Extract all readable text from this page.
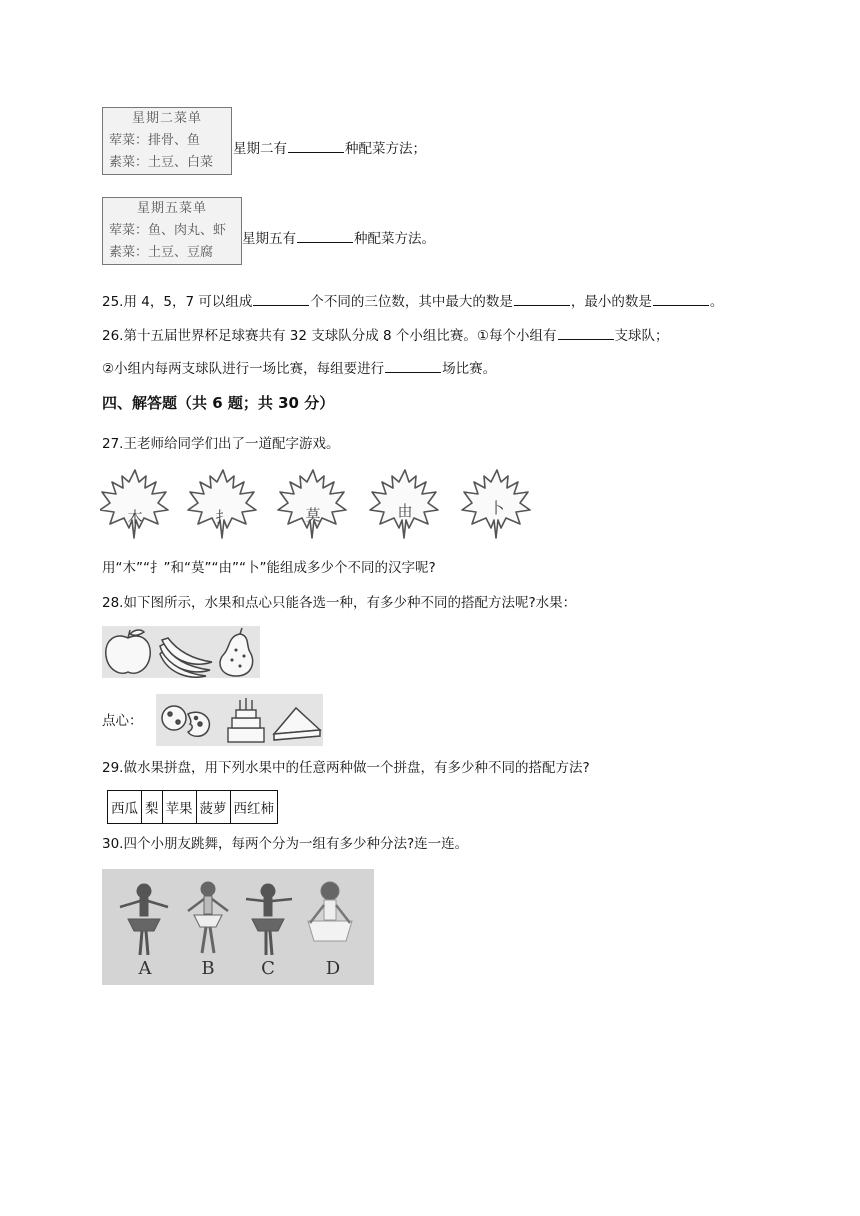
星期二菜单
荤菜：排骨、鱼
素菜：土豆、白菜
星期二有	种配菜方法；
星期五菜单
荤菜：鱼、肉丸、虾
素菜：土豆、豆腐
星期五有	种配菜方法。
25.用 4，5，7 可以组成	个不同的三位数，其中最大的数是	，最小的数是	。
26.第十五届世界杯足球赛共有 32 支球队分成 8 个小组比赛。①每个小组有	支球队；
②小组内每两支球队进行一场比赛，每组要进行	场比赛。
四、解答题（共 6 题；共 30 分）
27.王老师给同学们出了一道配字游戏。
木	扌	莫	由	卜
用“木”“扌”和“莫”“由”“卜”能组成多少个不同的汉字呢?
28.如下图所示，水果和点心只能各选一种，有多少种不同的搭配方法呢?水果：
点心：
29.做水果拼盘，用下列水果中的任意两种做一个拼盘，有多少种不同的搭配方法?
西瓜	梨	苹果	菠萝	西红柿
30.四个小朋友跳舞，每两个分为一组有多少种分法?连一连。
A	B	C	D
